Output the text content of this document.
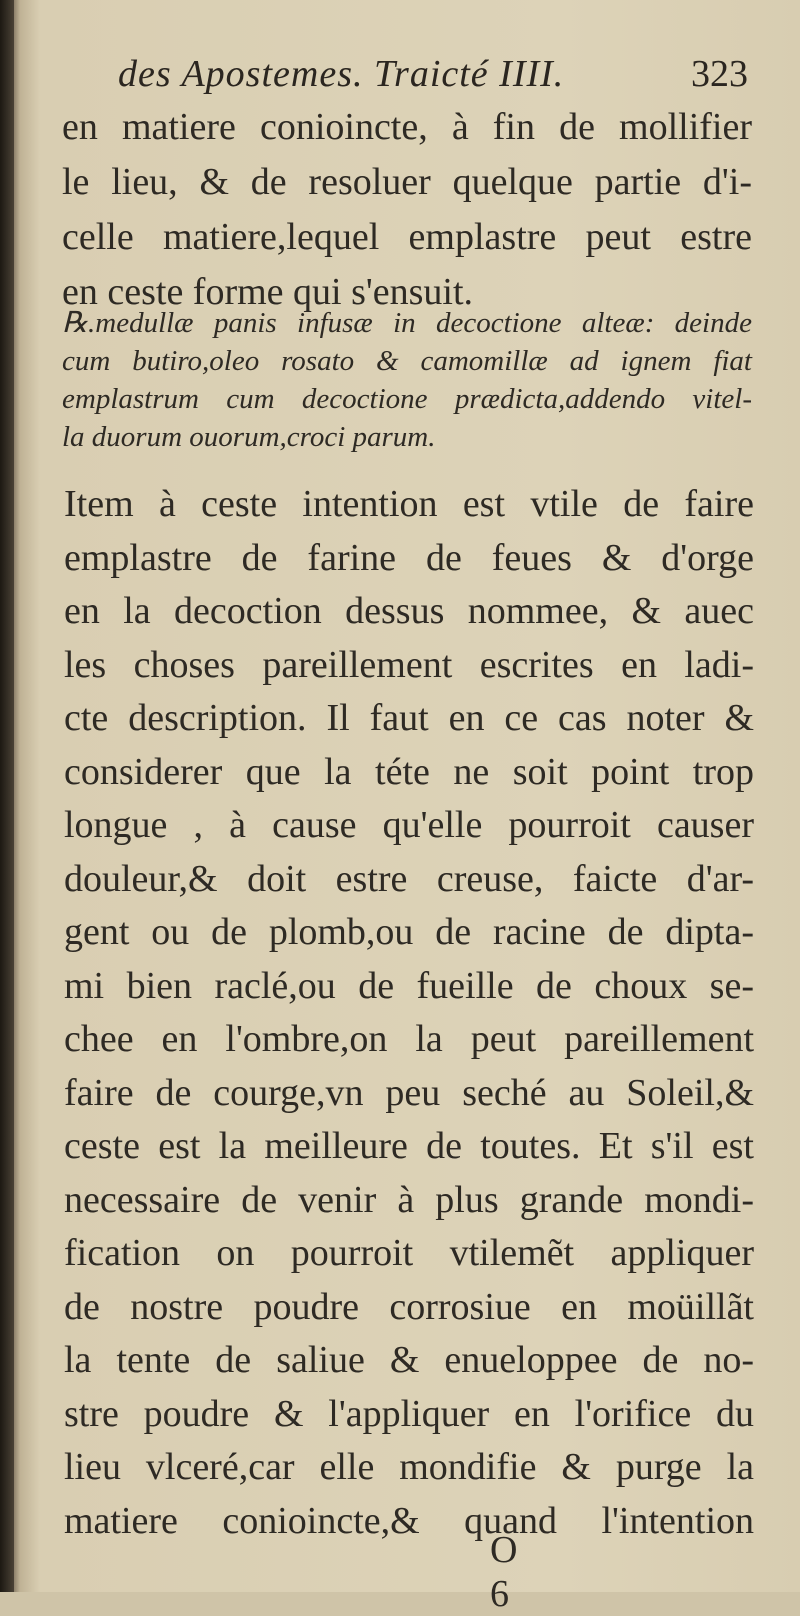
des Apostemes. Traicté IIII.	323
en matiere conioincte, à fin de mollifier
le lieu, & de resoluer quelque partie d'i-
celle matiere,lequel emplastre peut estre
en ceste forme qui s'ensuit.
℞.medullæ panis infusæ in decoctione alteæ: deinde
cum butiro,oleo rosato & camomillæ ad ignem fiat
emplastrum cum decoctione prædicta,addendo vitel-
la duorum ouorum,croci parum.
Item à ceste intention est vtile de faire
emplastre de farine de feues & d'orge
en la decoction dessus nommee, & auec
les choses pareillement escrites en ladi-
cte description. Il faut en ce cas noter &
considerer que la téte ne soit point trop
longue , à cause qu'elle pourroit causer
douleur,& doit estre creuse, faicte d'ar-
gent ou de plomb,ou de racine de dipta-
mi bien raclé,ou de fueille de choux se-
chee en l'ombre,on la peut pareillement
faire de courge,vn peu seché au Soleil,&
ceste est la meilleure de toutes. Et s'il est
necessaire de venir à plus grande mondi-
fication on pourroit vtilemẽt appliquer
de nostre poudre corrosiue en moüillãt
la tente de saliue & enueloppee de no-
stre poudre & l'appliquer en l'orifice du
lieu vlceré,car elle mondifie & purge la
matiere conioincte,& quand l'intention
O 6
